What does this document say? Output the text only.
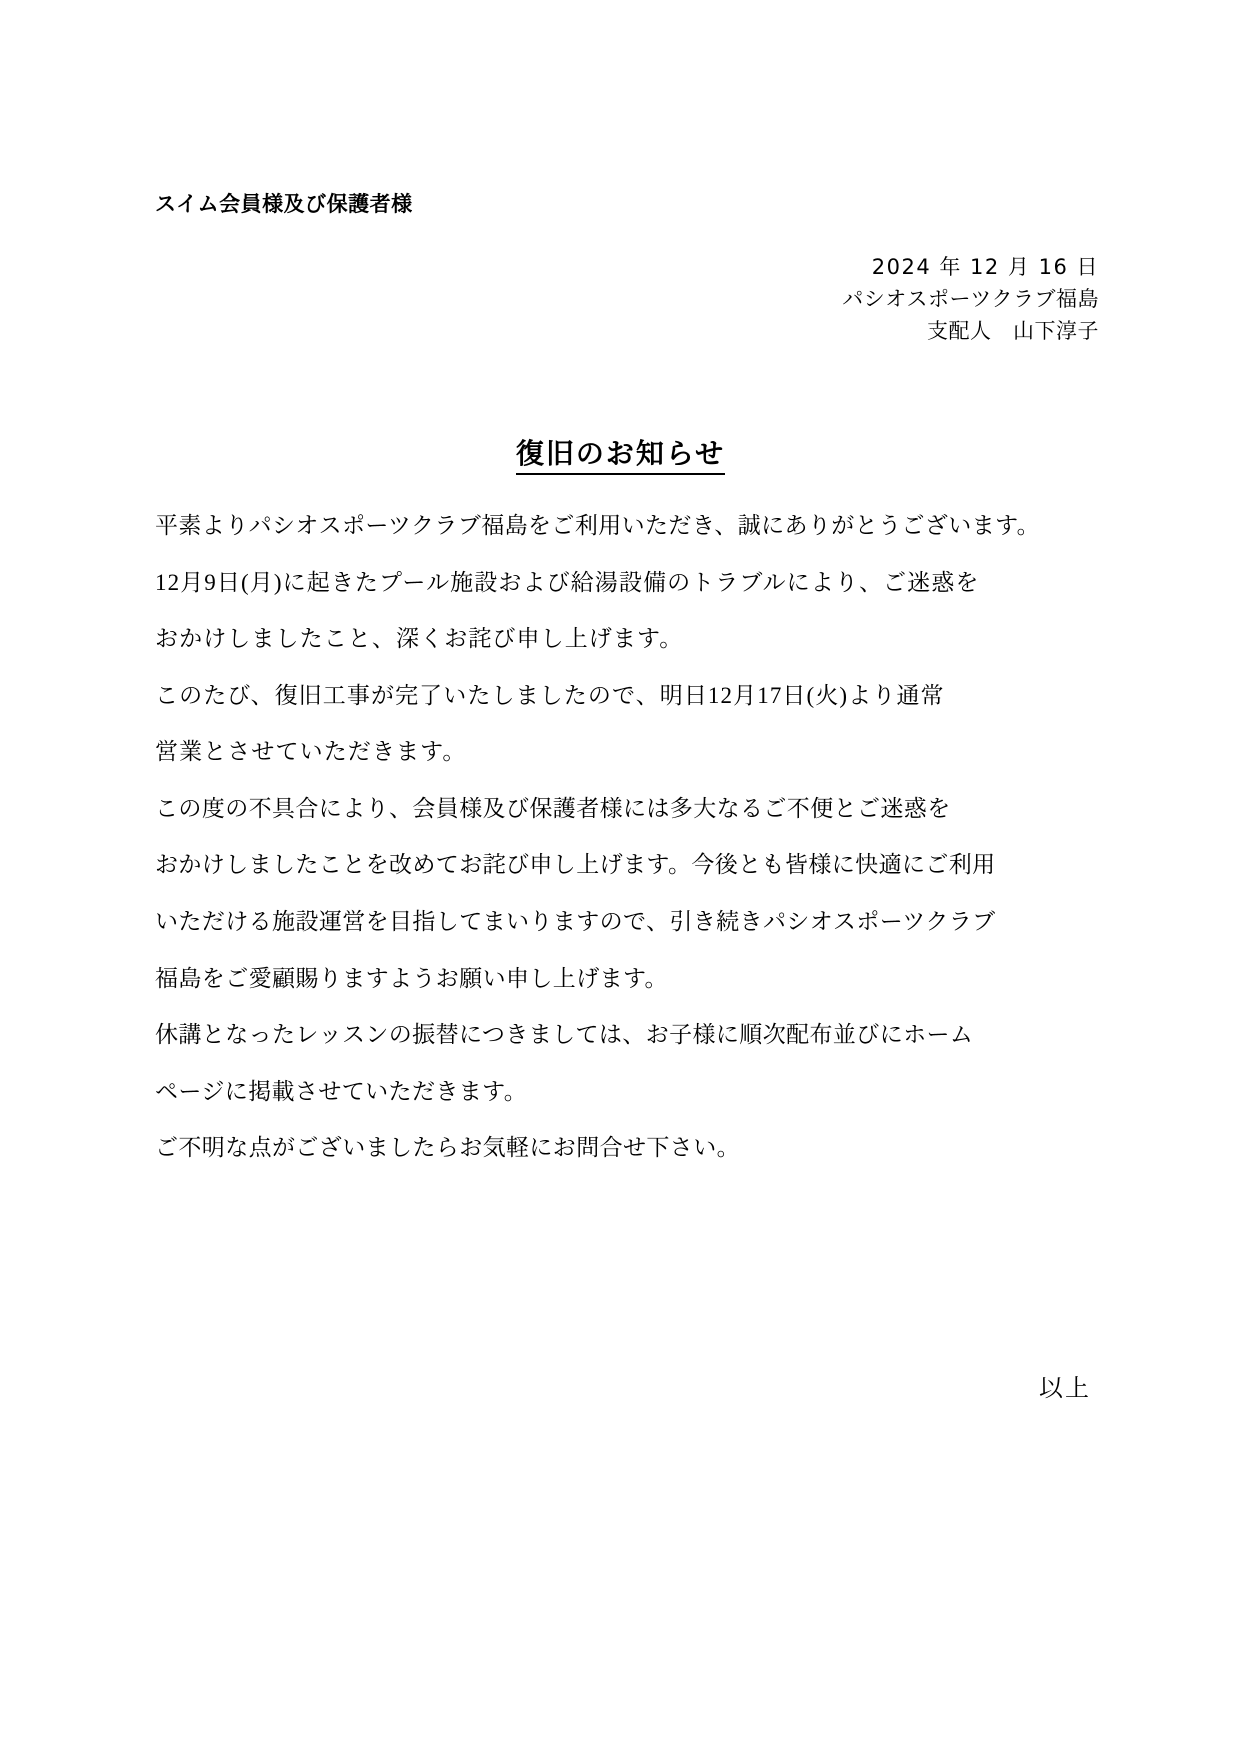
スイム会員様及び保護者様
2024 年 12 月 16 日
パシオスポーツクラブ福島
支配人　山下淳子
復旧のお知らせ

平素よりパシオスポーツクラブ福島をご利用いただき、誠にありがとうございます。

12月9日(月)に起きたプール施設および給湯設備のトラブルにより、ご迷惑を

おかけしましたこと、深くお詫び申し上げます。

このたび、復旧工事が完了いたしましたので、明日12月17日(火)より通常

営業とさせていただきます。

この度の不具合により、会員様及び保護者様には多大なるご不便とご迷惑を

おかけしましたことを改めてお詫び申し上げます。今後とも皆様に快適にご利用

いただける施設運営を目指してまいりますので、引き続きパシオスポーツクラブ

福島をご愛顧賜りますようお願い申し上げます。

休講となったレッスンの振替につきましては、お子様に順次配布並びにホーム

ページに掲載させていただきます。

ご不明な点がございましたらお気軽にお問合せ下さい。

以上
